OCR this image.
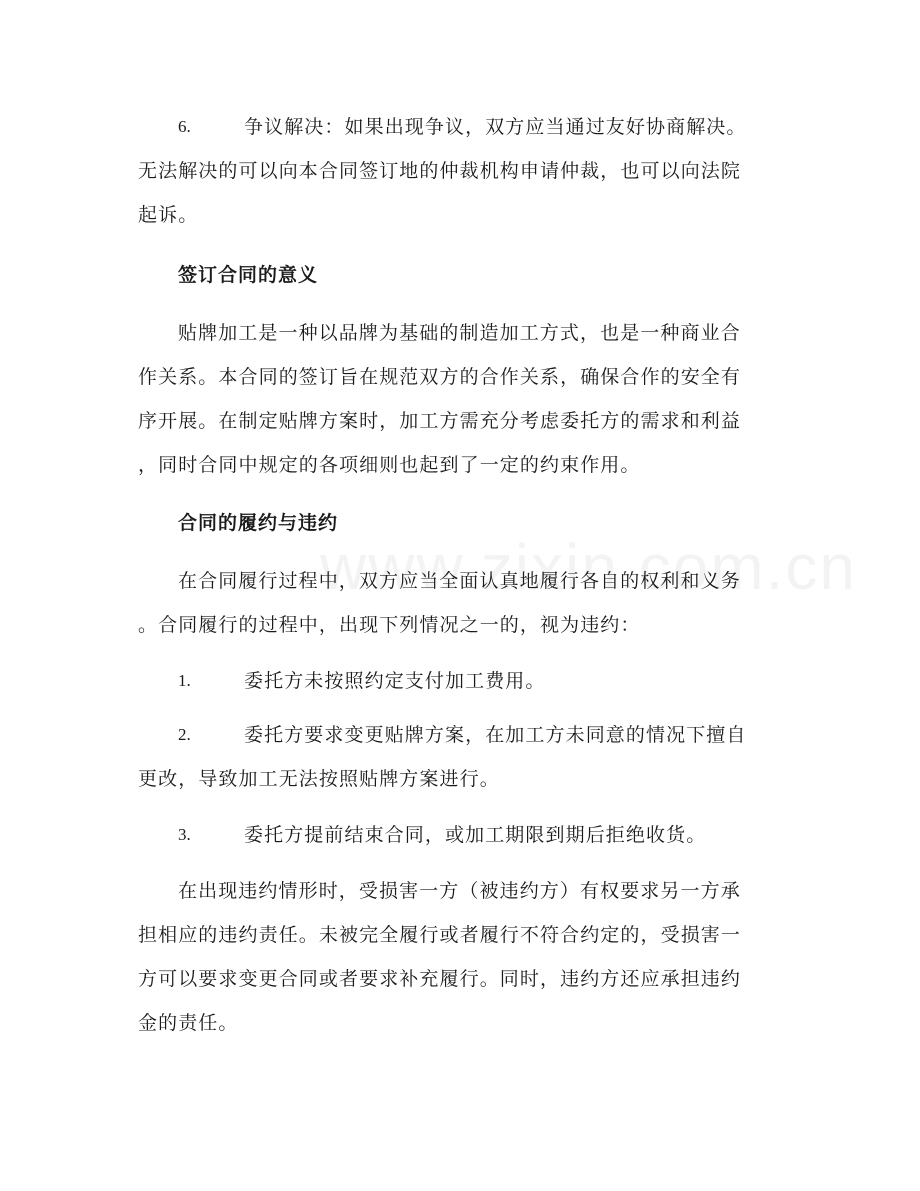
6.	争议解决：如果出现争议，双方应当通过友好协商解决。
无法解决的可以向本合同签订地的仲裁机构申请仲裁，也可以向法院
起诉。
签订合同的意义
贴牌加工是一种以品牌为基础的制造加工方式，也是一种商业合
作关系。本合同的签订旨在规范双方的合作关系，确保合作的安全有
序开展。在制定贴牌方案时，加工方需充分考虑委托方的需求和利益
，同时合同中规定的各项细则也起到了一定的约束作用。
合同的履约与违约
在合同履行过程中，双方应当全面认真地履行各自的权利和义务
。合同履行的过程中，出现下列情况之一的，视为违约：
1.	委托方未按照约定支付加工费用。
2.	委托方要求变更贴牌方案，在加工方未同意的情况下擅自
更改，导致加工无法按照贴牌方案进行。
3.	委托方提前结束合同，或加工期限到期后拒绝收货。
在出现违约情形时，受损害一方（被违约方）有权要求另一方承
担相应的违约责任。未被完全履行或者履行不符合约定的，受损害一
方可以要求变更合同或者要求补充履行。同时，违约方还应承担违约
金的责任。
